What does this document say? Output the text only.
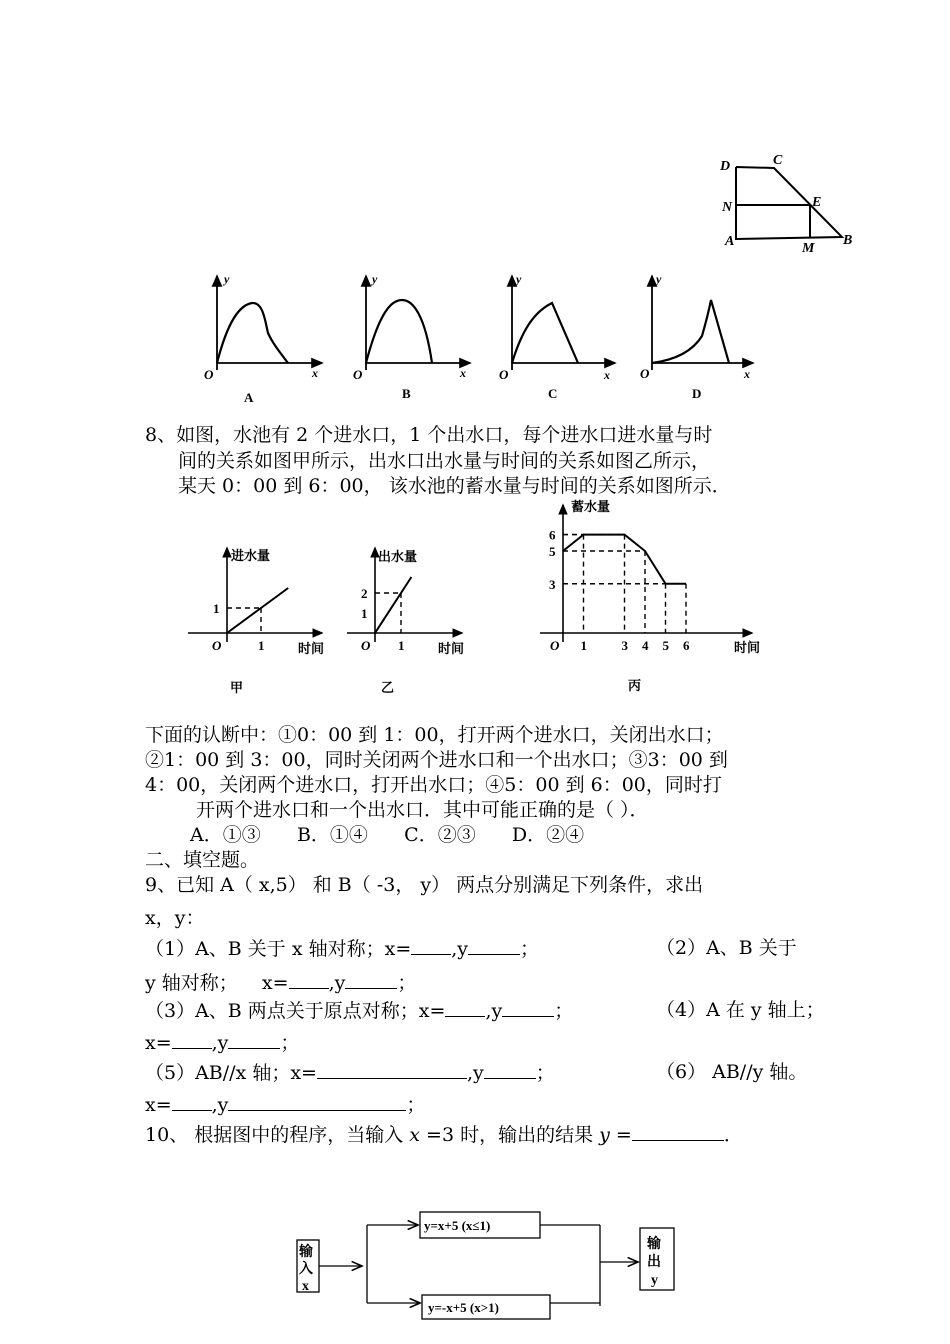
D	C
N	E
A	M
B
y
x
O
A
y
x
O
B
y
x
O
C
y
x
O
D
8、如图，水池有 2 个进水口，1 个出水口，每个进水口进水量与时
间的关系如图甲所示，出水口出水量与时间的关系如图乙所示，
某天 0：00 到 6：00， 该水池的蓄水量与时间的关系如图所示．
进水量
时间
O
甲
1
1
出水量
时间
O
乙
1
1
2
蓄水量
时间
O
丙
1	3 4 5 6
3
5
6
下面的认断中：①0：00 到 1：00，打开两个进水口，关闭出水口；
②1：00 到 3：00，同时关闭两个进水口和一个出水口；③3：00 到
4：00，关闭两个进水口，打开出水口；④5：00 到 6：00，同时打
开两个进水口和一个出水口．其中可能正确的是（ ）．
A．①③      B．①④      C．②③      D．②④
二、填空题。
9、已知 A（ x,5） 和 B（ -3， y） 两点分别满足下列条件，求出
x，y：
（1）A、B 关于 x 轴对称；x= ,y	；	（2）A、B 关于
y 轴对称；    x= ,y	；
（3）A、B 两点关于原点对称；x= ,y	；	（4）A 在 y 轴上；
x= ,y	；
（5）AB//x 轴；x=	,y	；	（6） AB//y 轴。
x= ,y	；
10、 根据图中的程序，当输入 x =3 时，输出的结果 y =	．
输
入
x
y=x+5 (x≤1)
y=-x+5 (x>1)
输
出
y
